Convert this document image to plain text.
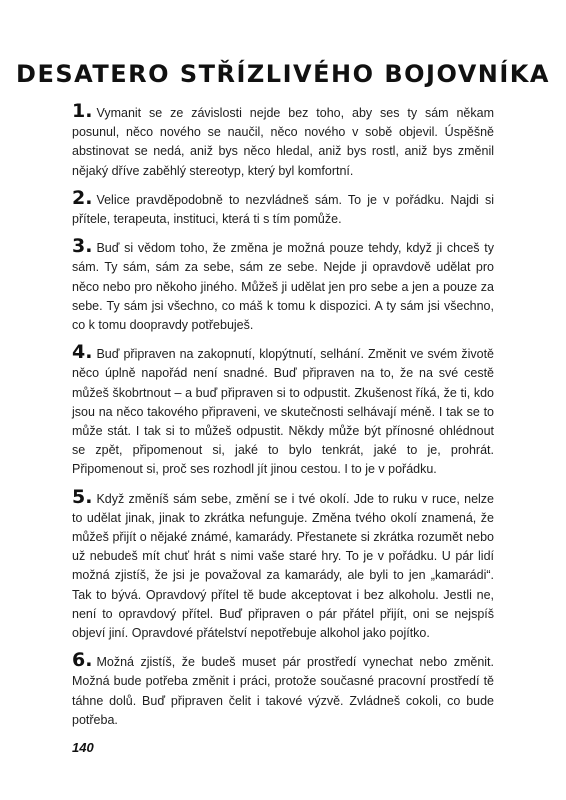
DESATERO STŘÍZLIVÉHO BOJOVNÍKA

1. Vymanit se ze závislosti nejde bez toho, aby ses ty sám někam posunul, něco nového se naučil, něco nového v sobě objevil. Úspěšně abstinovat se nedá, aniž bys něco hledal, aniž bys rostl, aniž bys změnil nějaký dříve zaběhlý stereotyp, který byl komfortní.

2. Velice pravděpodobně to nezvládneš sám. To je v pořádku. Najdi si přítele, terapeuta, instituci, která ti s tím pomůže.

3. Buď si vědom toho, že změna je možná pouze tehdy, když ji chceš ty sám. Ty sám, sám za sebe, sám ze sebe. Nejde ji opravdově udělat pro něco nebo pro někoho jiného. Můžeš ji udělat jen pro sebe a jen a pouze za sebe. Ty sám jsi všechno, co máš k tomu k dispozici. A ty sám jsi všechno, co k tomu doopravdy potřebuješ.

4. Buď připraven na zakopnutí, klopýtnutí, selhání. Změnit ve svém životě něco úplně napořád není snadné. Buď připraven na to, že na své cestě můžeš škobrtnout – a buď připraven si to odpustit. Zkušenost říká, že ti, kdo jsou na něco takového připraveni, ve skutečnosti selhávají méně. I tak se to může stát. I tak si to můžeš odpustit. Někdy může být přínosné ohlédnout se zpět, připomenout si, jaké to bylo tenkrát, jaké to je, prohrát. Připomenout si, proč ses rozhodl jít jinou cestou. I to je v pořádku.

5. Když změníš sám sebe, změní se i tvé okolí. Jde to ruku v ruce, nelze to udělat jinak, jinak to zkrátka nefunguje. Změna tvého okolí znamená, že můžeš přijít o nějaké známé, kamarády. Přestanete si zkrátka rozumět nebo už nebudeš mít chuť hrát s nimi vaše staré hry. To je v pořádku. U pár lidí možná zjistíš, že jsi je považoval za kamarády, ale byli to jen „kamarádi“. Tak to bývá. Opravdový přítel tě bude akceptovat i bez alkoholu. Jestli ne, není to opravdový přítel. Buď připraven o pár přátel přijít, oni se nejspíš objeví jiní. Opravdové přátelství nepotřebuje alkohol jako pojítko.

6. Možná zjistíš, že budeš muset pár prostředí vynechat nebo změnit. Možná bude potřeba změnit i práci, protože současné pracovní prostředí tě táhne dolů. Buď připraven čelit i takové výzvě. Zvládneš cokoli, co bude potřeba.

140
